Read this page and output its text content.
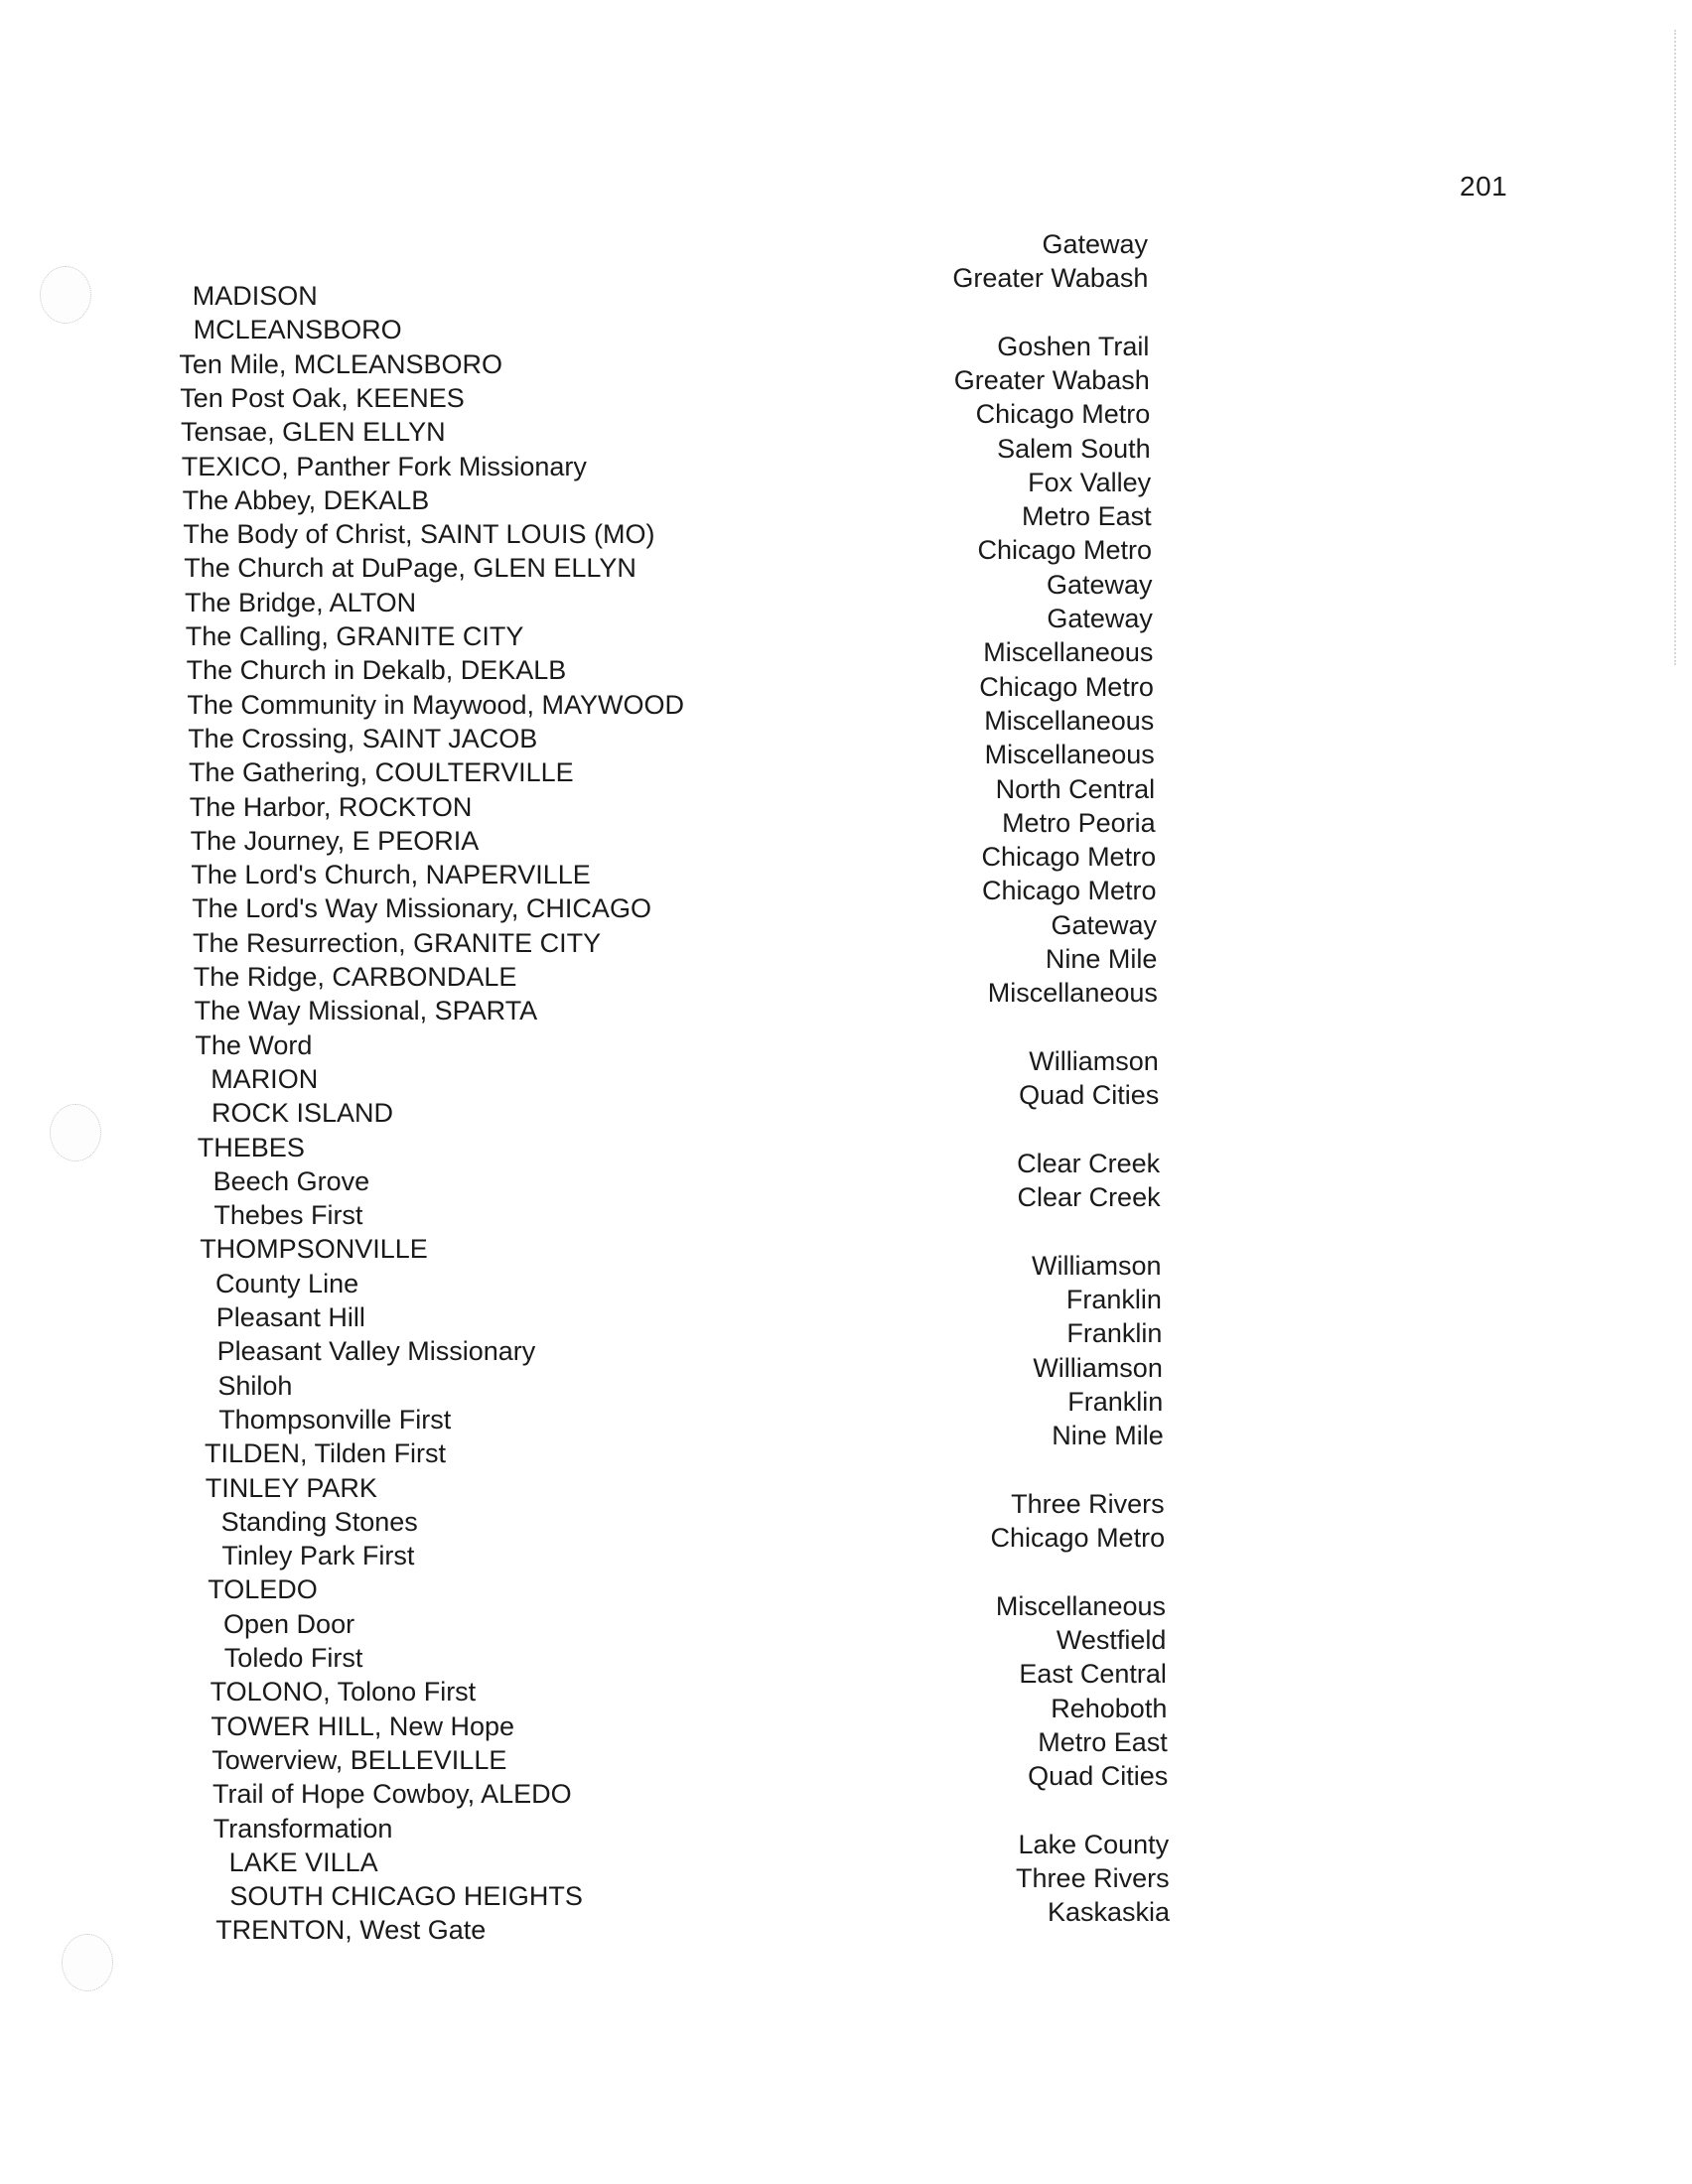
201
MADISON
MCLEANSBORO
Ten Mile, MCLEANSBORO
Ten Post Oak, KEENES
Tensae, GLEN ELLYN
TEXICO, Panther Fork Missionary
The Abbey, DEKALB
The Body of Christ, SAINT LOUIS (MO)
The Church at DuPage, GLEN ELLYN
The Bridge, ALTON
The Calling, GRANITE CITY
The Church in Dekalb, DEKALB
The Community in Maywood, MAYWOOD
The Crossing, SAINT JACOB
The Gathering, COULTERVILLE
The Harbor, ROCKTON
The Journey, E PEORIA
The Lord's Church, NAPERVILLE
The Lord's Way Missionary, CHICAGO
The Resurrection, GRANITE CITY
The Ridge, CARBONDALE
The Way Missional, SPARTA
The Word
MARION
ROCK ISLAND
THEBES
Beech Grove
Thebes First
THOMPSONVILLE
County Line
Pleasant Hill
Pleasant Valley Missionary
Shiloh
Thompsonville First
TILDEN, Tilden First
TINLEY PARK
Standing Stones
Tinley Park First
TOLEDO
Open Door
Toledo First
TOLONO, Tolono First
TOWER HILL, New Hope
Towerview, BELLEVILLE
Trail of Hope Cowboy, ALEDO
Transformation
LAKE VILLA
SOUTH CHICAGO HEIGHTS
TRENTON, West Gate
Gateway
Greater Wabash
Goshen Trail
Greater Wabash
Chicago Metro
Salem South
Fox Valley
Metro East
Chicago Metro
Gateway
Gateway
Miscellaneous
Chicago Metro
Miscellaneous
Miscellaneous
North Central
Metro Peoria
Chicago Metro
Chicago Metro
Gateway
Nine Mile
Miscellaneous
Williamson
Quad Cities
Clear Creek
Clear Creek
Williamson
Franklin
Franklin
Williamson
Franklin
Nine Mile
Three Rivers
Chicago Metro
Miscellaneous
Westfield
East Central
Rehoboth
Metro East
Quad Cities
Lake County
Three Rivers
Kaskaskia
